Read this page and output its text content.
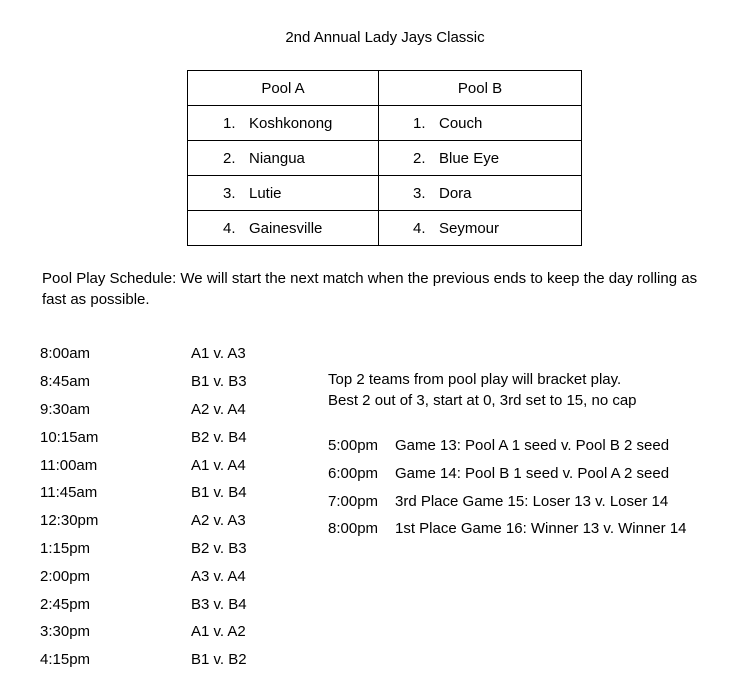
2nd Annual Lady Jays Classic
Pool A	Pool B

1. Koshkonong	1. Couch

2. Niangua	2. Blue Eye

3. Lutie	3. Dora

4. Gainesville	4. Seymour
Pool Play Schedule: We will start the next match when the previous ends to keep the day rolling as fast as possible.
8:00am	A1 v. A3
8:45am	B1 v. B3
9:30am	A2 v. A4
10:15am	B2 v. B4
11:00am	A1 v. A4
11:45am	B1 v. B4
12:30pm	A2 v. A3
1:15pm	B2 v. B3
2:00pm	A3 v. A4
2:45pm	B3 v. B4
3:30pm	A1 v. A2
4:15pm	B1 v. B2
Top 2 teams from pool play will bracket play.
Best 2 out of 3, start at 0, 3rd set to 15, no cap
5:00pm	Game 13: Pool A 1 seed v. Pool B 2 seed
6:00pm	Game 14: Pool B 1 seed v. Pool A 2 seed
7:00pm	3rd Place Game 15: Loser 13 v. Loser 14
8:00pm	1st Place Game 16: Winner 13 v. Winner 14
